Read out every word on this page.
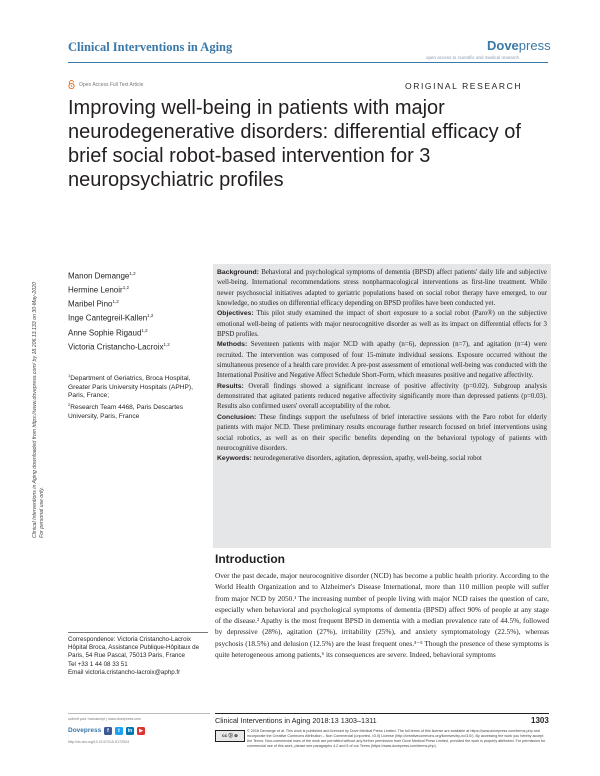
Clinical Interventions in Aging	Dovepress
open access to scientific and medical research
Open Access Full Text Article	ORIGINAL RESEARCH
Improving well-being in patients with major neurodegenerative disorders: differential efficacy of brief social robot-based intervention for 3 neuropsychiatric profiles
Clinical Interventions in Aging downloaded from https://www.dovepress.com/ by 18.206.13.133 on 30-May-2020 For personal use only.
Manon Demange$^{1,2}$
Hermine Lenoir$^{1,2}$
Maribel Pino$^{1,2}$
Inge Cantegreil-Kallen$^{1,2}$
Anne Sophie Rigaud$^{1,2}$
Victoria Cristancho-Lacroix$^{1,2}$
$^1$Department of Geriatrics, Broca Hospital, Greater Paris University Hospitals (APHP), Paris, France;
$^2$Research Team 4468, Paris Descartes University, Paris, France

Background: Behavioral and psychological symptoms of dementia (BPSD) affect patients' daily life and subjective well-being. International recommendations stress nonpharmacological interventions as first-line treatment. While newer psychosocial initiatives adapted to geriatric populations based on social robot therapy have emerged, to our knowledge, no studies on differential efficacy depending on BPSD profiles have been conducted yet.

Objectives: This pilot study examined the impact of short exposure to a social robot (Paro®) on the subjective emotional well-being of patients with major neurocognitive disorder as well as its impact on differential effects for 3 BPSD profiles.

Methods: Seventeen patients with major NCD with apathy (n=6), depression (n=7), and agitation (n=4) were recruited. The intervention was composed of four 15-minute individual sessions. Exposure occurred without the simultaneous presence of a health care provider. A pre-post assessment of emotional well-being was conducted with the International Positive and Negative Affect Schedule Short-Form, which measures positive and negative affectivity.

Results: Overall findings showed a significant increase of positive affectivity (p=0.02). Subgroup analysis demonstrated that agitated patients reduced negative affectivity significantly more than depressed patients (p=0.03). Results also confirmed users' overall acceptability of the robot.

Conclusion: These findings support the usefulness of brief interactive sessions with the Paro robot for elderly patients with major NCD. These preliminary results encourage further research focused on brief interventions using social robotics, as well as on their specific benefits depending on the behavioral typology of patients with neurocognitive disorders.

Keywords: neurodegenerative disorders, agitation, depression, apathy, well-being, social robot

Introduction

Over the past decade, major neurocognitive disorder (NCD) has become a public health priority. According to the World Health Organization and to Alzheimer's Disease International, more than 110 million people will suffer from major NCD by 2050.¹ The increasing number of people living with major NCD raises the question of care, especially when behavioral and psychological symptoms of dementia (BPSD) affect 90% of people at any stage of the disease.² Apathy is the most frequent BPSD in dementia with a median prevalence rate of 44.5%, followed by depressive (28%), agitation (27%), irritability (25%), and anxiety symptomatology (22.5%), whereas psychosis (18.5%) and delusion (12.5%) are the least frequent ones.³⁻⁵ Though the presence of these symptoms is quite heterogeneous among patients,⁶ its consequences are severe. Indeed, behavioral symptoms

Correspondence: Victoria Cristancho-Lacroix
Hôpital Broca, Assistance Publique-Hôpitaux de Paris, 54 Rue Pascal, 75013 Paris, France
Tel +33 1 44 08 33 51
Email victoria.cristancho-lacroix@aphp.fr
submit your manuscript | www.dovepress.com
Dovepress	f	t	in	▶
http://dx.doi.org/10.2147/CIA.S172524
Clinical Interventions in Aging 2018:13 1303–1311	1303
cc ⓑ ⊜
© 2018 Demange et al. This work is published and licensed by Dove Medical Press Limited. The full terms of this license are available at https://www.dovepress.com/terms.php and incorporate the Creative Commons Attribution – Non Commercial (unported, v3.0) License (http://creativecommons.org/licenses/by-nc/3.0/). By accessing the work you hereby accept the Terms. Non-commercial uses of the work are permitted without any further permission from Dove Medical Press Limited, provided the work is properly attributed. For permission for commercial use of this work, please see paragraphs 4.2 and 5 of our Terms (https://www.dovepress.com/terms.php).
